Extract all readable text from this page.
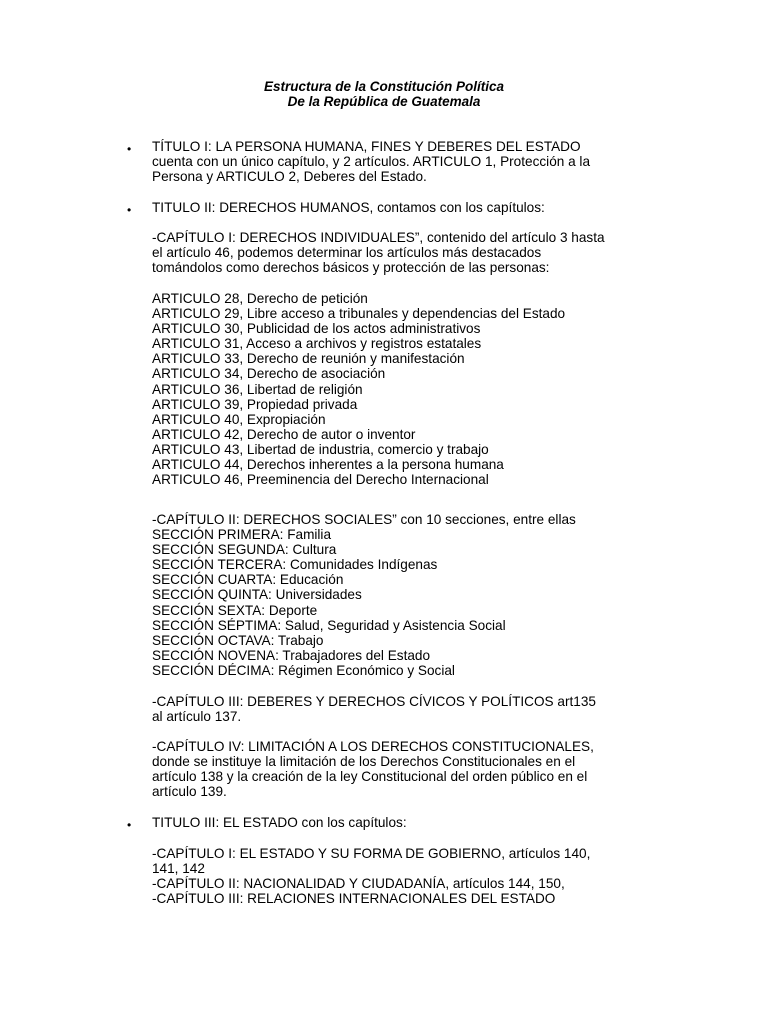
Estructura de la Constitución Política
De la República de Guatemala
• TÍTULO I: LA PERSONA HUMANA, FINES Y DEBERES DEL ESTADO
cuenta con un único capítulo, y 2 artículos. ARTICULO 1, Protección a la
Persona y ARTICULO 2, Deberes del Estado.
• TITULO II: DERECHOS HUMANOS, contamos con los capítulos:
-CAPÍTULO I: DERECHOS INDIVIDUALES”, contenido del artículo 3 hasta
el artículo 46, podemos determinar los artículos más destacados
tomándolos como derechos básicos y protección de las personas:
ARTICULO 28, Derecho de petición
ARTICULO 29, Libre acceso a tribunales y dependencias del Estado
ARTICULO 30, Publicidad de los actos administrativos
ARTICULO 31, Acceso a archivos y registros estatales
ARTICULO 33, Derecho de reunión y manifestación
ARTICULO 34, Derecho de asociación
ARTICULO 36, Libertad de religión
ARTICULO 39, Propiedad privada
ARTICULO 40, Expropiación
ARTICULO 42, Derecho de autor o inventor
ARTICULO 43, Libertad de industria, comercio y trabajo
ARTICULO 44, Derechos inherentes a la persona humana
ARTICULO 46, Preeminencia del Derecho Internacional
-CAPÍTULO II: DERECHOS SOCIALES” con 10 secciones, entre ellas
SECCIÓN PRIMERA: Familia
SECCIÓN SEGUNDA: Cultura
SECCIÓN TERCERA: Comunidades Indígenas
SECCIÓN CUARTA: Educación
SECCIÓN QUINTA: Universidades
SECCIÓN SEXTA: Deporte
SECCIÓN SÉPTIMA: Salud, Seguridad y Asistencia Social
SECCIÓN OCTAVA: Trabajo
SECCIÓN NOVENA: Trabajadores del Estado
SECCIÓN DÉCIMA: Régimen Económico y Social
-CAPÍTULO III: DEBERES Y DERECHOS CÍVICOS Y POLÍTICOS art135
al artículo 137.
-CAPÍTULO IV: LIMITACIÓN A LOS DERECHOS CONSTITUCIONALES,
donde se instituye la limitación de los Derechos Constitucionales en el
artículo 138 y la creación de la ley Constitucional del orden público en el
artículo 139.
• TITULO III: EL ESTADO con los capítulos:
-CAPÍTULO I: EL ESTADO Y SU FORMA DE GOBIERNO, artículos 140,
141, 142
-CAPÍTULO II: NACIONALIDAD Y CIUDADANÍA, artículos 144, 150,
-CAPÍTULO III: RELACIONES INTERNACIONALES DEL ESTADO
